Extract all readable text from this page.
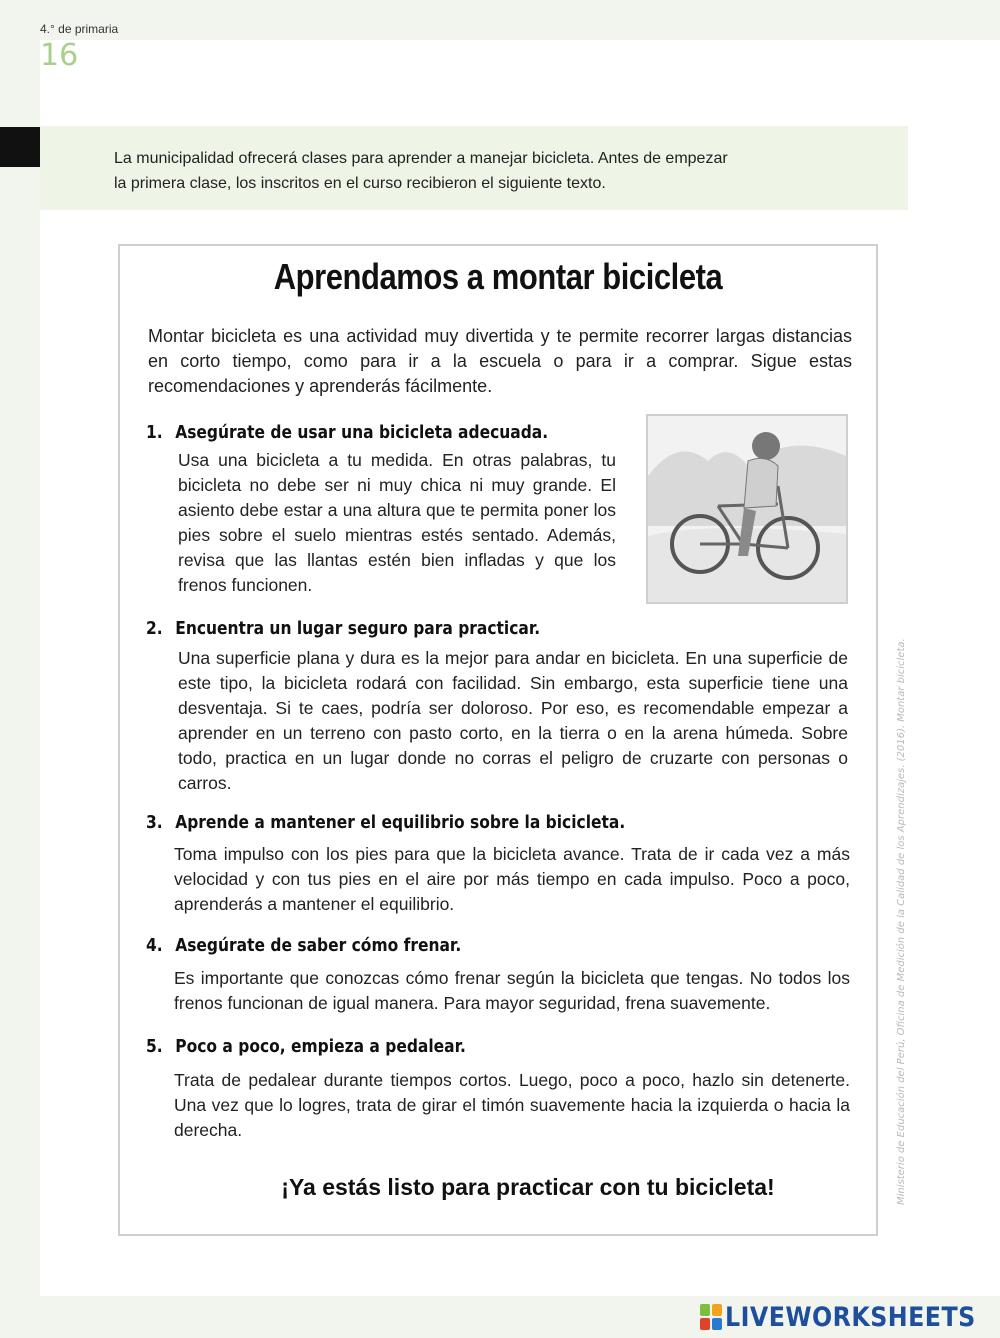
4.° de primaria
16
La municipalidad ofrecerá clases para aprender a manejar bicicleta. Antes de empezar
la primera clase, los inscritos en el curso recibieron el siguiente texto.
Aprendamos a montar bicicleta
Montar bicicleta es una actividad muy divertida y te permite recorrer largas distancias en corto tiempo, como para ir a la escuela o para ir a comprar. Sigue estas recomendaciones y aprenderás fácilmente.
1. Asegúrate de usar una bicicleta adecuada.
Usa una bicicleta a tu medida. En otras palabras, tu bicicleta no debe ser ni muy chica ni muy grande. El asiento debe estar a una altura que te permita poner los pies sobre el suelo mientras estés sentado. Además, revisa que las llantas estén bien infladas y que los frenos funcionen.
2. Encuentra un lugar seguro para practicar.
Una superficie plana y dura es la mejor para andar en bicicleta. En una superficie de este tipo, la bicicleta rodará con facilidad. Sin embargo, esta superficie tiene una desventaja. Si te caes, podría ser doloroso. Por eso, es recomendable empezar a aprender en un terreno con pasto corto, en la tierra o en la arena húmeda. Sobre todo, practica en un lugar donde no corras el peligro de cruzarte con personas o carros.
3. Aprende a mantener el equilibrio sobre la bicicleta.
Toma impulso con los pies para que la bicicleta avance. Trata de ir cada vez a más velocidad y con tus pies en el aire por más tiempo en cada impulso. Poco a poco, aprenderás a mantener el equilibrio.
4. Asegúrate de saber cómo frenar.
Es importante que conozcas cómo frenar según la bicicleta que tengas. No todos los frenos funcionan de igual manera. Para mayor seguridad, frena suavemente.
5. Poco a poco, empieza a pedalear.
Trata de pedalear durante tiempos cortos. Luego, poco a poco, hazlo sin detenerte. Una vez que lo logres, trata de girar el timón suavemente hacia la izquierda o hacia la derecha.
¡Ya estás listo para practicar con tu bicicleta!	Ministerio de Educación del Perú, Oficina de Medición de la Calidad de los Aprendizajes. (2016). Montar bicicleta.
LIVEWORKSHEETS
